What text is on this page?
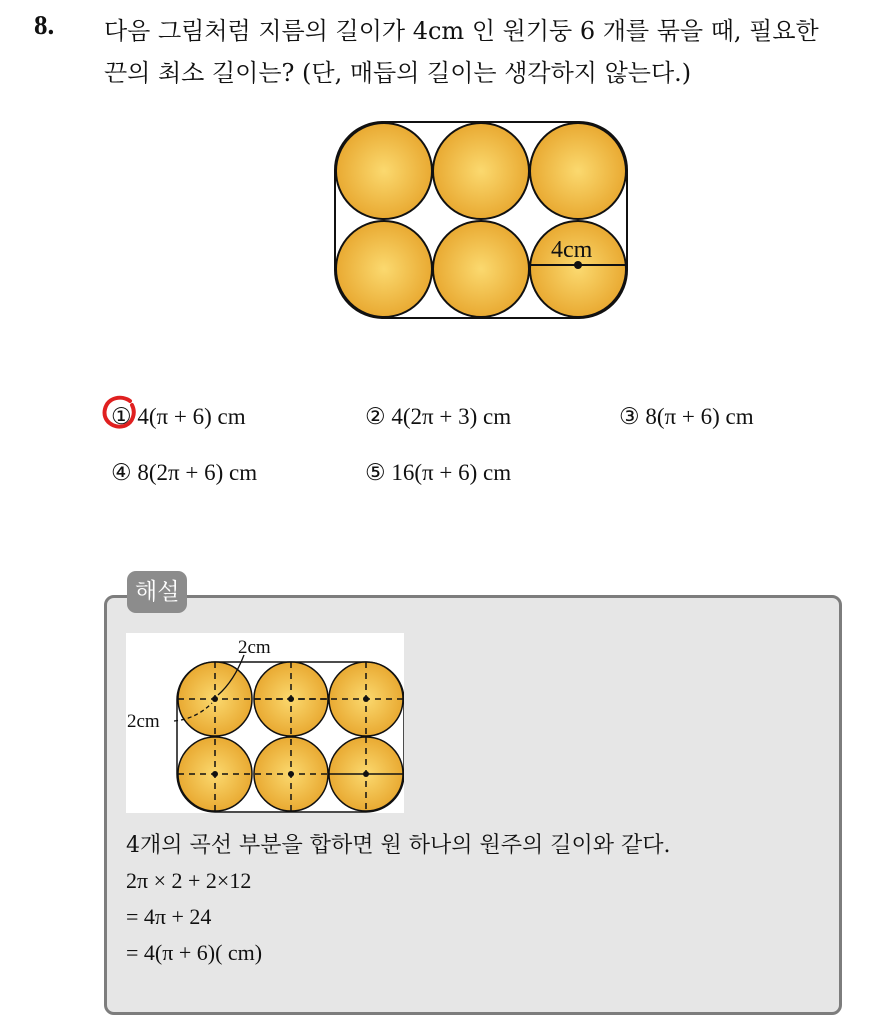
8. 다음 그림처럼 지름의 길이가 4cm 인 원기둥 6 개를 묶을 때, 필요한
끈의 최소 길이는? (단, 매듭의 길이는 생각하지 않는다.)
4cm
① 4(π + 6) cm	② 4(2π + 3) cm	③ 8(π + 6) cm
④ 8(2π + 6) cm	⑤ 16(π + 6) cm
해설
2cm
2cm
4개의 곡선 부분을 합하면 원 하나의 원주의 길이와 같다.
2π × 2 + 2×12
= 4π + 24
= 4(π + 6)( cm)
